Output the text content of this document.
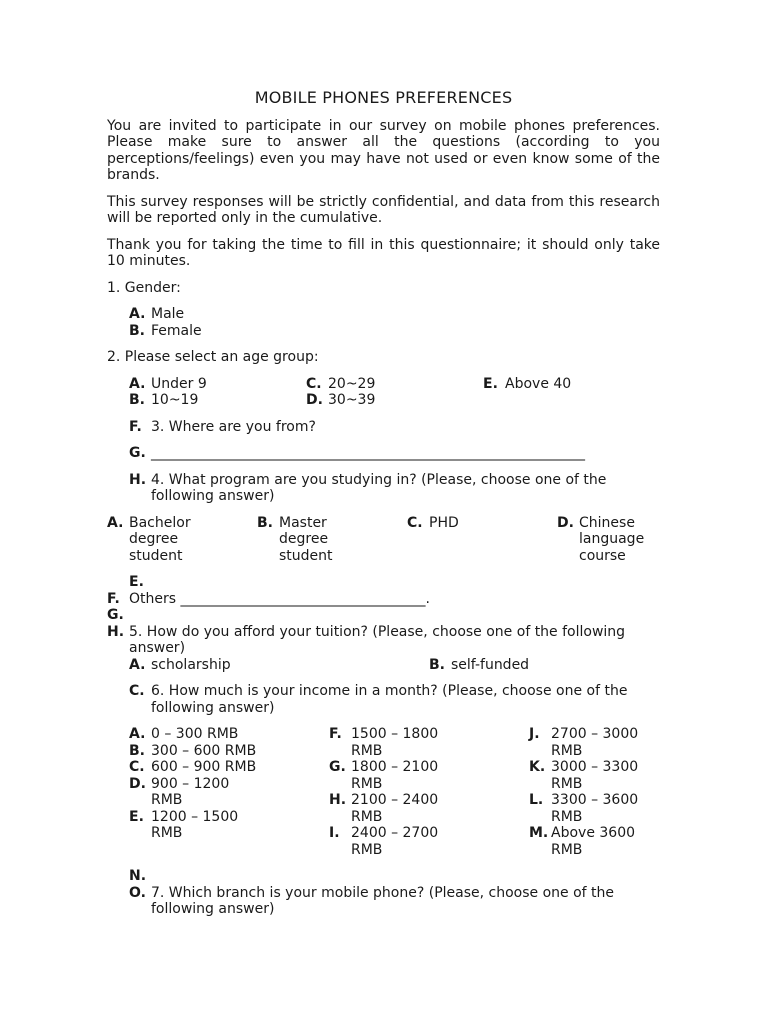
MOBILE PHONES PREFERENCES
You are invited to participate in our survey on mobile phones preferences. Please make sure to answer all the questions (according to you perceptions/feelings) even you may have not used or even know some of the brands.
This survey responses will be strictly confidential, and data from this research will be reported only in the cumulative.
Thank you for taking the time to fill in this questionnaire; it should only take 10 minutes.
1. Gender:
A. Male
B. Female
2. Please select an age group:
A. Under 9
B. 10~19
C. 20~29
D. 30~39
E. Above 40
F. 3. Where are you from?
G. ______________________________________________________________
H. 4. What program are you studying in? (Please, choose one of the following answer)
A. Bachelor degree student
B. Master degree student
C. PHD	D. Chinese language course
E.

F. Others ___________________________________.
G.

H. 5. How do you afford your tuition? (Please, choose one of the following answer)
A. scholarship	B. self-funded
C. 6. How much is your income in a month? (Please, choose one of the following answer)
A. 0 – 300 RMB
B. 300 – 600 RMB
C. 600 – 900 RMB
D. 900 – 1200 RMB
E. 1200 – 1500 RMB
F. 1500 – 1800 RMB
G. 1800 – 2100 RMB
H. 2100 – 2400 RMB
I. 2400 – 2700 RMB
J. 2700 – 3000 RMB
K. 3000 – 3300 RMB
L. 3300 – 3600 RMB
M. Above 3600 RMB
N.

O. 7. Which branch is your mobile phone? (Please, choose one of the following answer)
